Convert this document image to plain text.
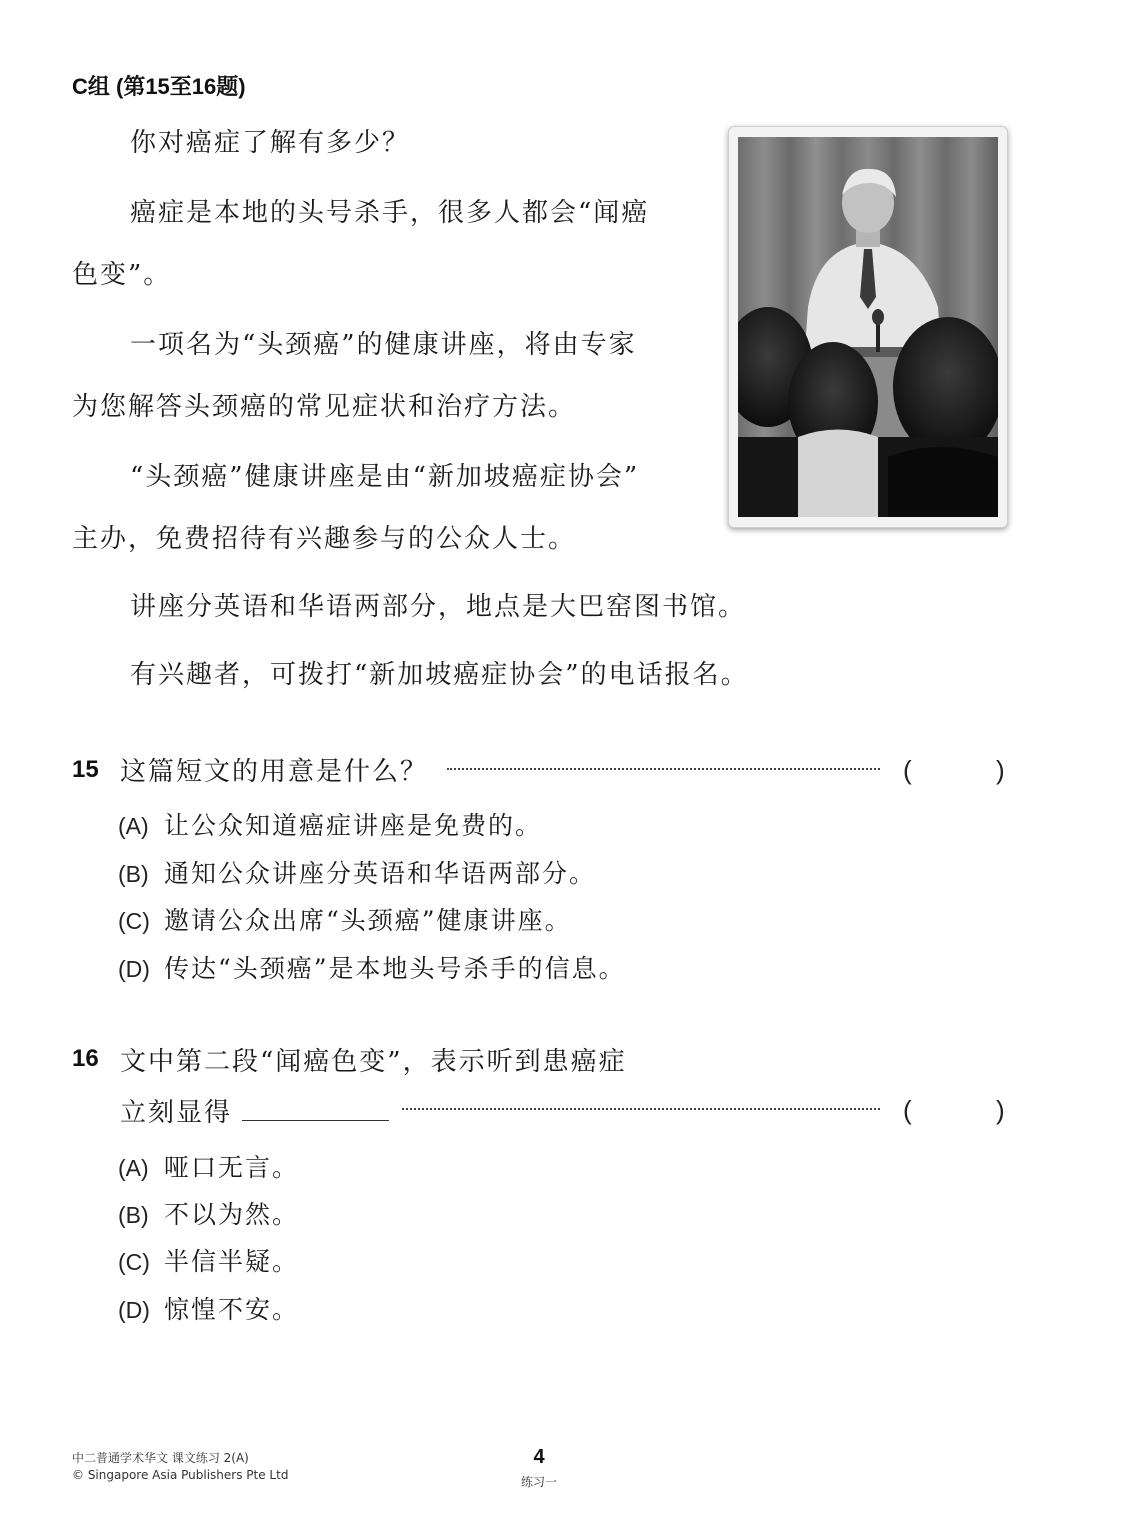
C组 (第15至16题)
你对癌症了解有多少？
癌症是本地的头号杀手，很多人都会“闻癌
色变”。
一项名为“头颈癌”的健康讲座，将由专家
为您解答头颈癌的常见症状和治疗方法。
“头颈癌”健康讲座是由“新加坡癌症协会”
主办，免费招待有兴趣参与的公众人士。
讲座分英语和华语两部分，地点是大巴窑图书馆。
有兴趣者，可拨打“新加坡癌症协会”的电话报名。
15 这篇短文的用意是什么？	(	)
(A) 让公众知道癌症讲座是免费的。
(B) 通知公众讲座分英语和华语两部分。
(C) 邀请公众出席“头颈癌”健康讲座。
(D) 传达“头颈癌”是本地头号杀手的信息。
16 文中第二段“闻癌色变”，表示听到患癌症
立刻显得	(	)
(A) 哑口无言。
(B) 不以为然。
(C) 半信半疑。
(D) 惊惶不安。
中二普通学术华文 课文练习 2(A)
© Singapore Asia Publishers Pte Ltd
4
练习一
